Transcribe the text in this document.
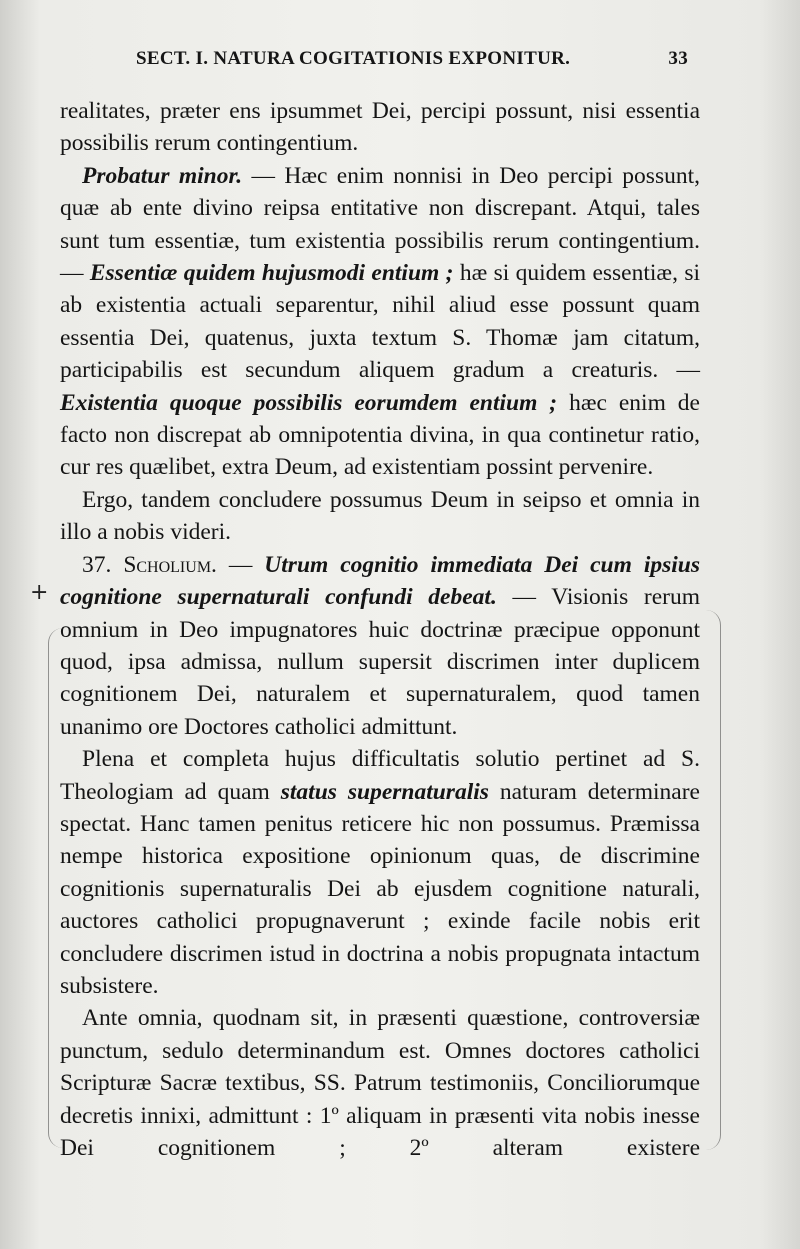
SECT. I. NATURA COGITATIONIS EXPONITUR.	33
+

realitates, præter ens ipsummet Dei, percipi possunt, nisi essentia possibilis rerum contingentium.

Probatur minor. — Hæc enim nonnisi in Deo percipi possunt, quæ ab ente divino reipsa entitative non discrepant. Atqui, tales sunt tum essentiæ, tum existentia possibilis rerum contingentium. — Essentiæ quidem hujusmodi entium ; hæ si quidem essentiæ, si ab existentia actuali separentur, nihil aliud esse possunt quam essentia Dei, quatenus, juxta textum S. Thomæ jam citatum, participabilis est secundum aliquem gradum a creaturis. — Existentia quoque possibilis eorumdem entium ; hæc enim de facto non discrepat ab omnipotentia divina, in qua continetur ratio, cur res quælibet, extra Deum, ad existentiam possint pervenire.

Ergo, tandem concludere possumus Deum in seipso et omnia in illo a nobis videri.

37. Scholium. — Utrum cognitio immediata Dei cum ipsius cognitione supernaturali confundi debeat. — Visionis rerum omnium in Deo impugnatores huic doctrinæ præcipue opponunt quod, ipsa admissa, nullum supersit discrimen inter duplicem cognitionem Dei, naturalem et supernaturalem, quod tamen unanimo ore Doctores catholici admittunt.

Plena et completa hujus difficultatis solutio pertinet ad S. Theologiam ad quam status supernaturalis naturam determinare spectat. Hanc tamen penitus reticere hic non possumus. Præmissa nempe historica expositione opinionum quas, de discrimine cognitionis supernaturalis Dei ab ejusdem cognitione naturali, auctores catholici propugnaverunt ; exinde facile nobis erit concludere discrimen istud in doctrina a nobis propugnata intactum subsistere.

Ante omnia, quodnam sit, in præsenti quæstione, controversiæ punctum, sedulo determinandum est. Omnes doctores catholici Scripturæ Sacræ textibus, SS. Patrum testimoniis, Conciliorumque decretis innixi, admittunt : 1º aliquam in præsenti vita nobis inesse Dei cognitionem ; 2º alteram existere
